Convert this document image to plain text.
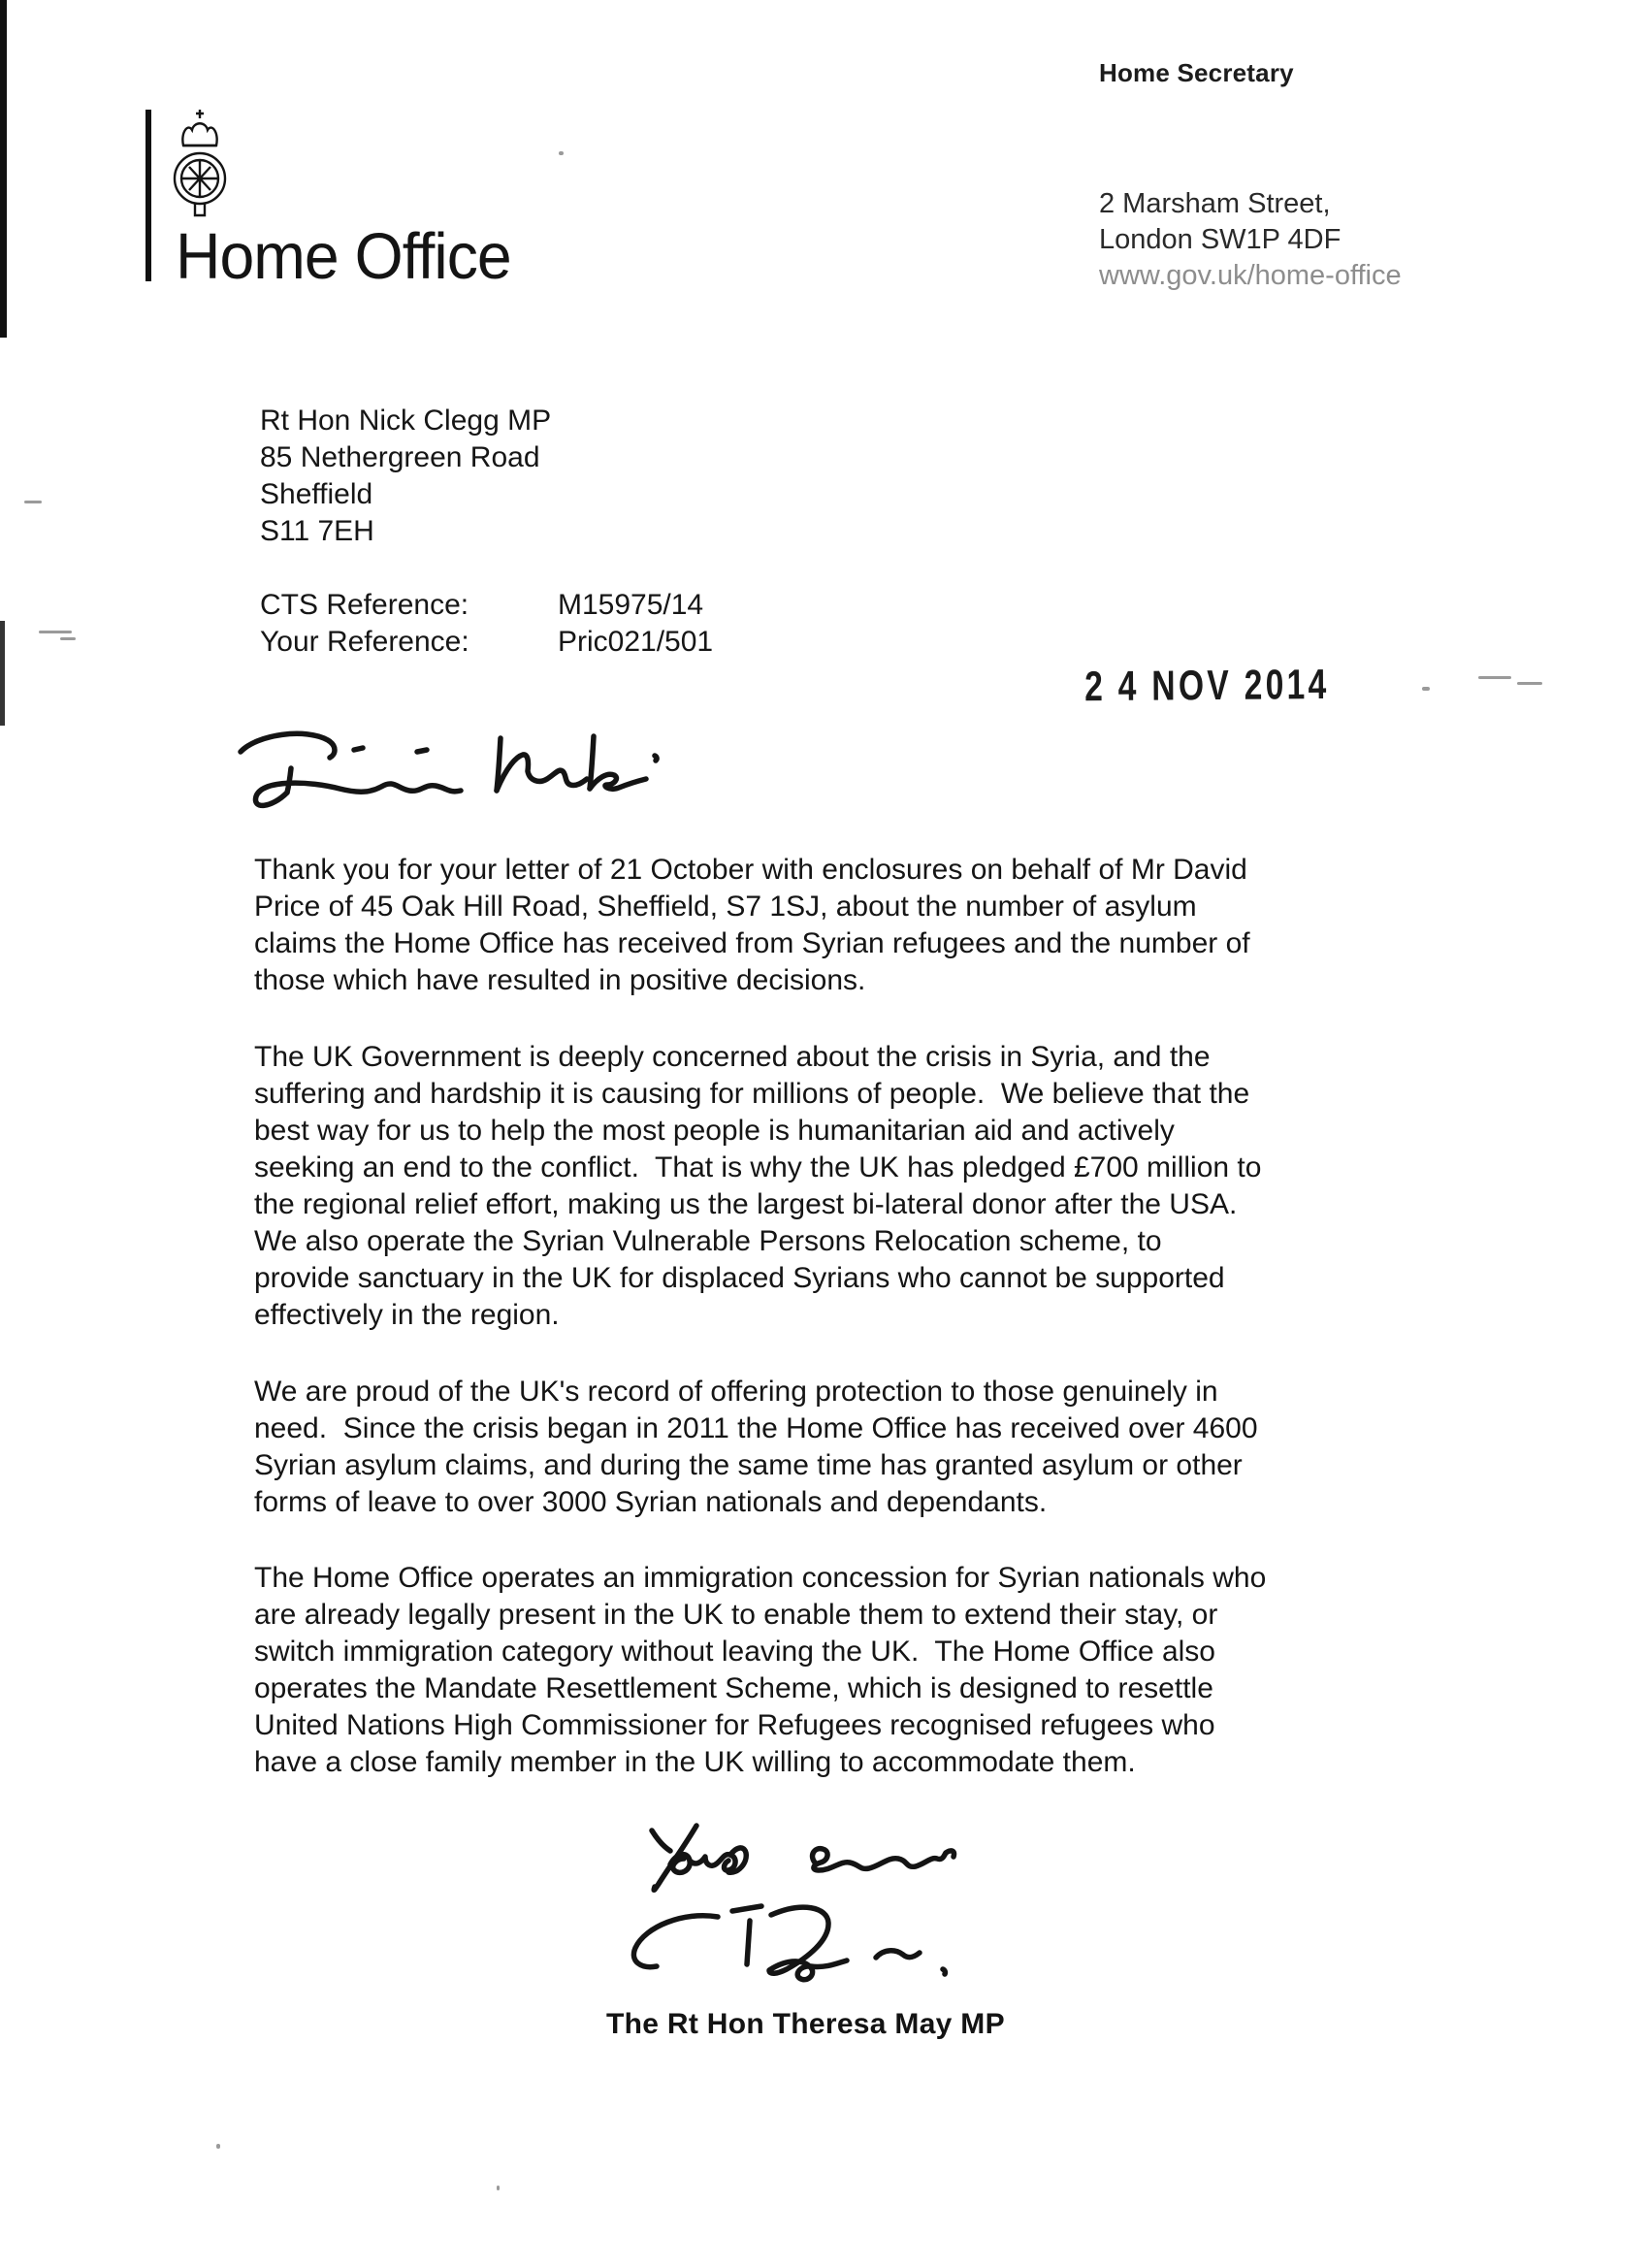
Home Office
Home Secretary
2 Marsham Street,
London SW1P 4DF
www.gov.uk/home-office
Rt Hon Nick Clegg MP
85 Nethergreen Road
Sheffield
S11 7EH
CTS Reference:	M15975/14
Your Reference:	Pric021/501
2 4 NOV 2014
Thank you for your letter of 21 October with enclosures on behalf of Mr David
Price of 45 Oak Hill Road, Sheffield, S7 1SJ, about the number of asylum
claims the Home Office has received from Syrian refugees and the number of
those which have resulted in positive decisions.
The UK Government is deeply concerned about the crisis in Syria, and the
suffering and hardship it is causing for millions of people.  We believe that the
best way for us to help the most people is humanitarian aid and actively
seeking an end to the conflict.  That is why the UK has pledged £700 million to
the regional relief effort, making us the largest bi-lateral donor after the USA.
We also operate the Syrian Vulnerable Persons Relocation scheme, to
provide sanctuary in the UK for displaced Syrians who cannot be supported
effectively in the region.
We are proud of the UK's record of offering protection to those genuinely in
need.  Since the crisis began in 2011 the Home Office has received over 4600
Syrian asylum claims, and during the same time has granted asylum or other
forms of leave to over 3000 Syrian nationals and dependants.
The Home Office operates an immigration concession for Syrian nationals who
are already legally present in the UK to enable them to extend their stay, or
switch immigration category without leaving the UK.  The Home Office also
operates the Mandate Resettlement Scheme, which is designed to resettle
United Nations High Commissioner for Refugees recognised refugees who
have a close family member in the UK willing to accommodate them.
The Rt Hon Theresa May MP
